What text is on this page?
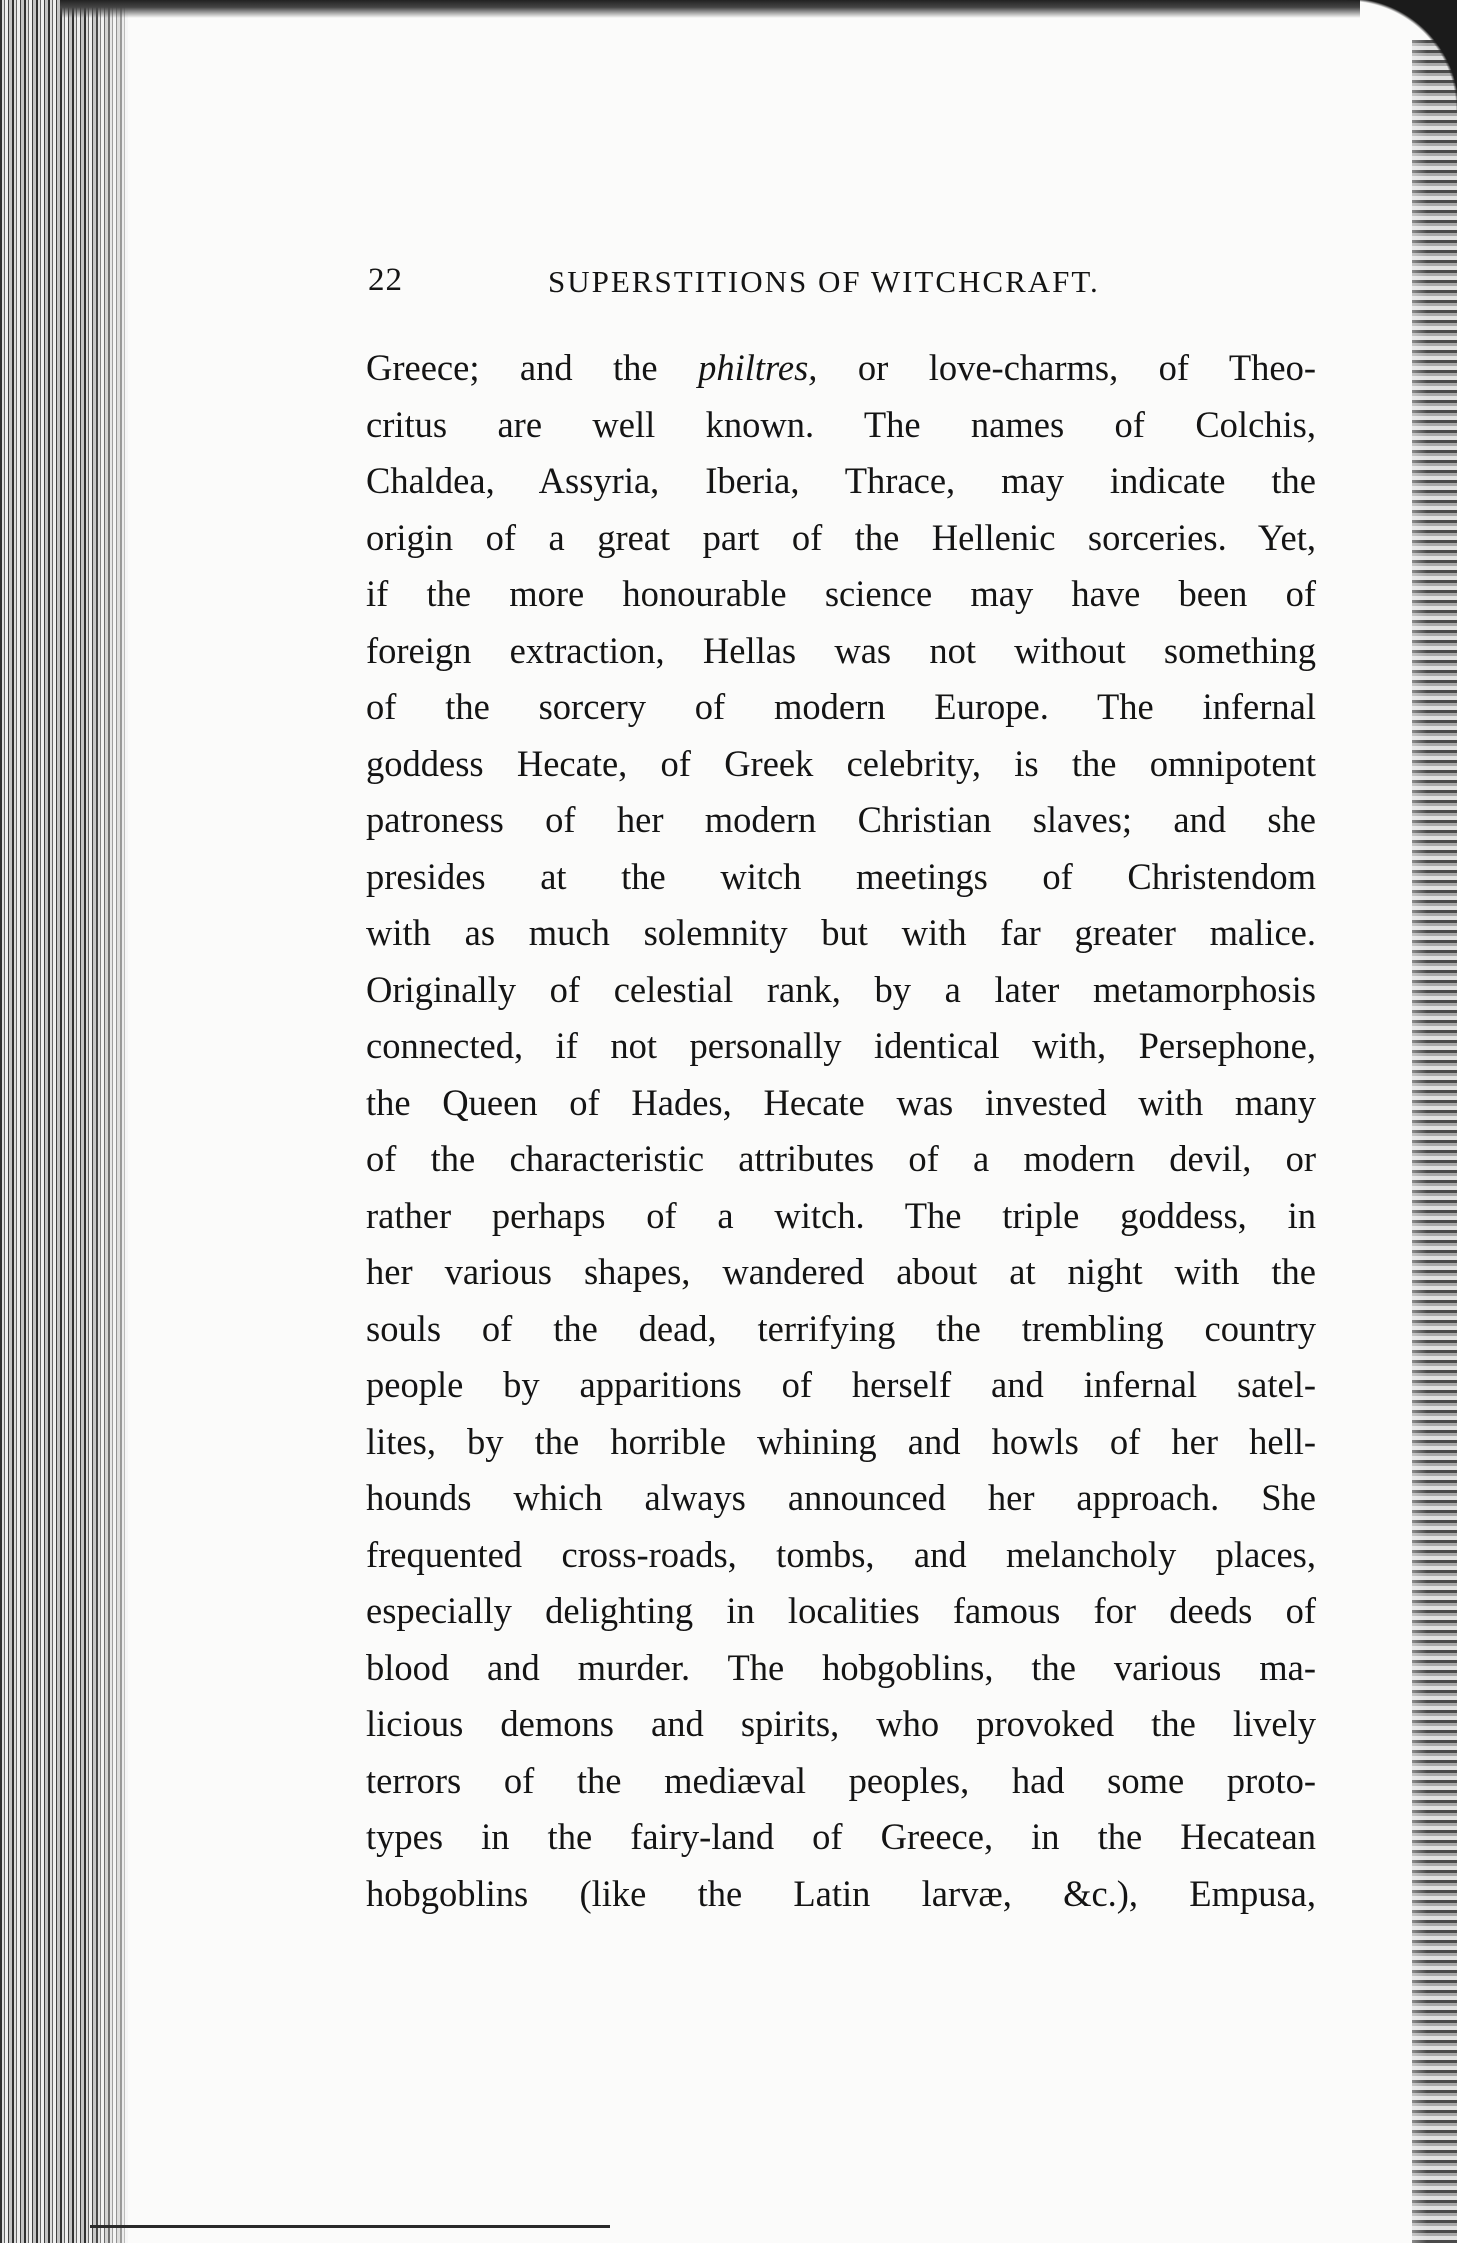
22	SUPERSTITIONS OF WITCHCRAFT.
Greece; and the philtres, or love-charms, of Theo-
critus are well known. The names of Colchis,
Chaldea, Assyria, Iberia, Thrace, may indicate the
origin of a great part of the Hellenic sorceries. Yet,
if the more honourable science may have been of
foreign extraction, Hellas was not without something
of the sorcery of modern Europe. The infernal
goddess Hecate, of Greek celebrity, is the omnipotent
patroness of her modern Christian slaves; and she
presides at the witch meetings of Christendom
with as much solemnity but with far greater malice.
Originally of celestial rank, by a later metamorphosis
connected, if not personally identical with, Persephone,
the Queen of Hades, Hecate was invested with many
of the characteristic attributes of a modern devil, or
rather perhaps of a witch. The triple goddess, in
her various shapes, wandered about at night with the
souls of the dead, terrifying the trembling country
people by apparitions of herself and infernal satel-
lites, by the horrible whining and howls of her hell-
hounds which always announced her approach. She
frequented cross-roads, tombs, and melancholy places,
especially delighting in localities famous for deeds of
blood and murder. The hobgoblins, the various ma-
licious demons and spirits, who provoked the lively
terrors of the mediæval peoples, had some proto-
types in the fairy-land of Greece, in the Hecatean
hobgoblins (like the Latin larvæ, &c.), Empusa,
